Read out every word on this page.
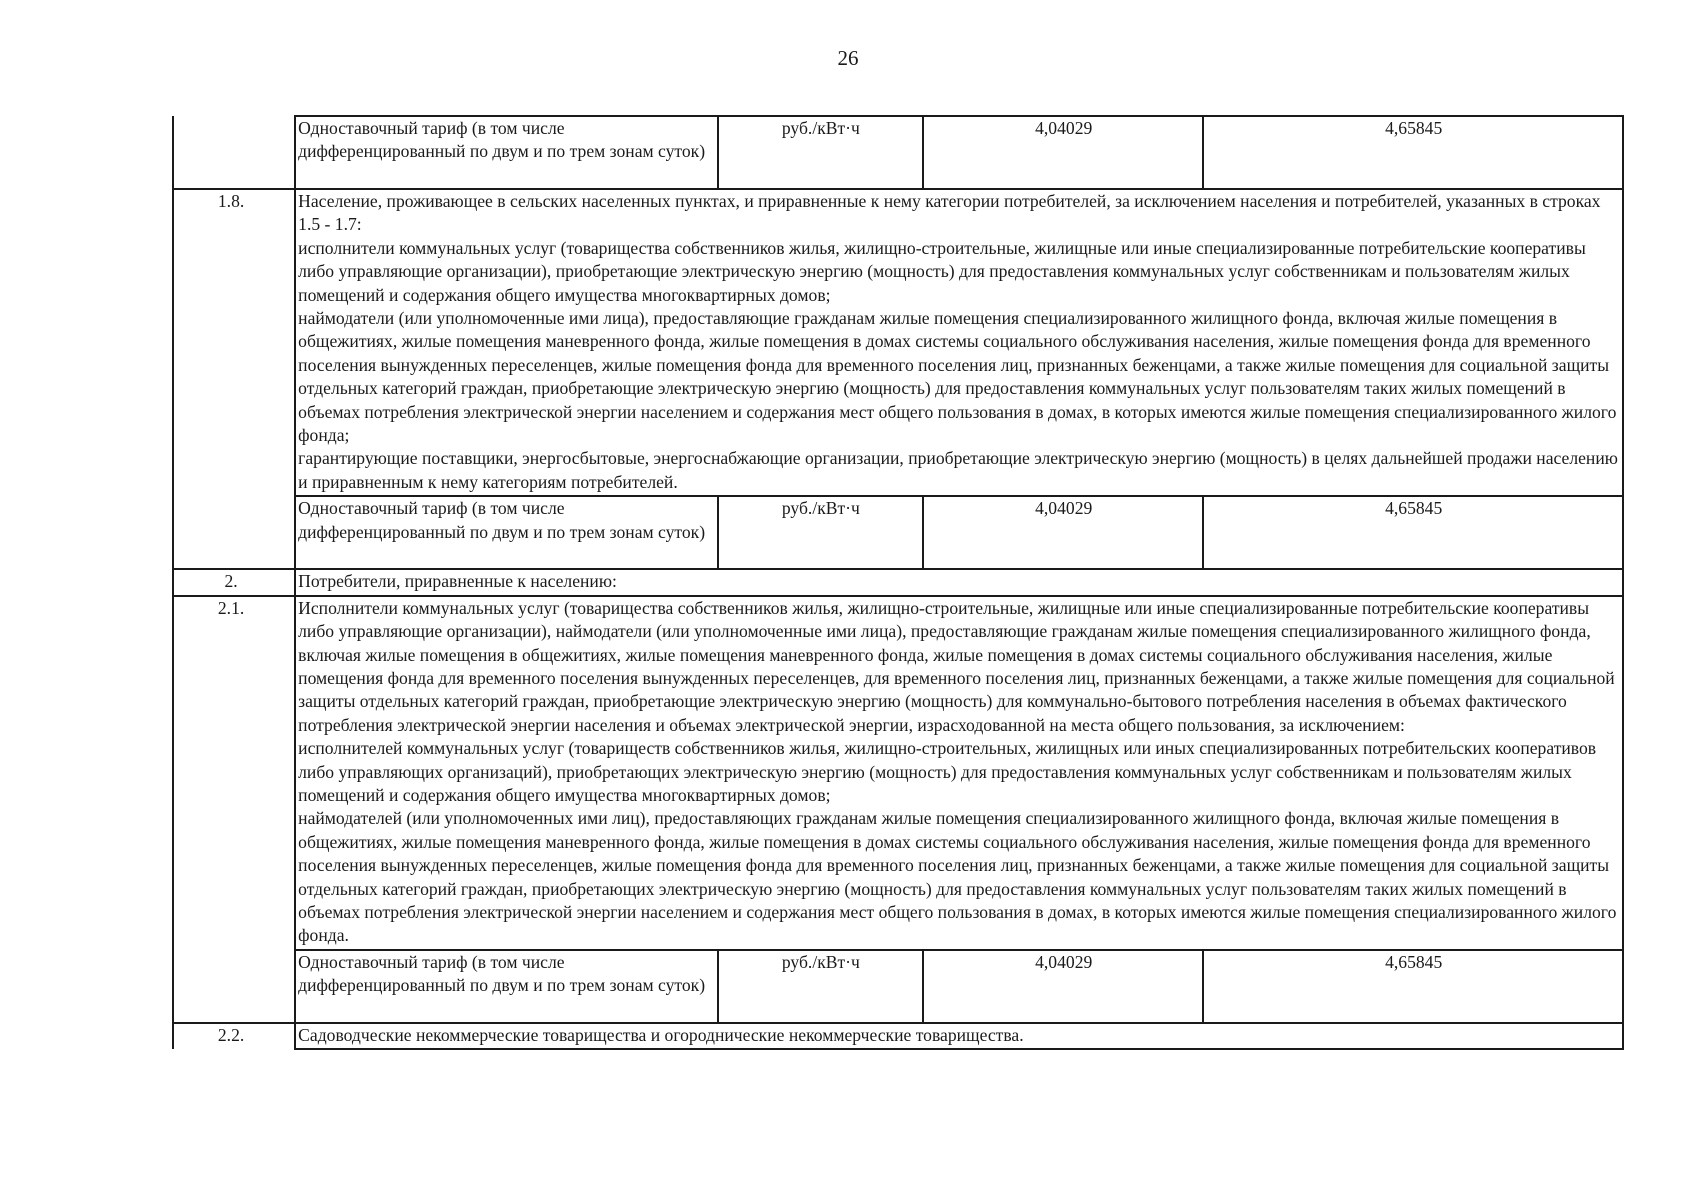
26
	Одноставочный тариф (в том числе дифференцированный по двум и по трем зонам суток)	руб./кВт·ч	4,04029	4,65845
1.8.	Население, проживающее в сельских населенных пунктах, и приравненные к нему категории потребителей, за исключением населения и потребителей, указанных в строках 1.5 - 1.7:
исполнители коммунальных услуг (товарищества собственников жилья, жилищно-строительные, жилищные или иные специализированные потребительские кооперативы либо управляющие организации), приобретающие электрическую энергию (мощность) для предоставления коммунальных услуг собственникам и пользователям жилых помещений и содержания общего имущества многоквартирных домов;
наймодатели (или уполномоченные ими лица), предоставляющие гражданам жилые помещения специализированного жилищного фонда, включая жилые помещения в общежитиях, жилые помещения маневренного фонда, жилые помещения в домах системы социального обслуживания населения, жилые помещения фонда для временного поселения вынужденных переселенцев, жилые помещения фонда для временного поселения лиц, признанных беженцами, а также жилые помещения для социальной защиты отдельных категорий граждан, приобретающие электрическую энергию (мощность) для предоставления коммунальных услуг пользователям таких жилых помещений в объемах потребления электрической энергии населением и содержания мест общего пользования в домах, в которых имеются жилые помещения специализированного жилого фонда;
гарантирующие поставщики, энергосбытовые, энергоснабжающие организации, приобретающие электрическую энергию (мощность) в целях дальнейшей продажи населению и приравненным к нему категориям потребителей.			

	Одноставочный тариф (в том числе дифференцированный по двум и по трем зонам суток)	руб./кВт·ч	4,04029	4,65845
2.	Потребители, приравненные к населению:			
2.1.	Исполнители коммунальных услуг (товарищества собственников жилья, жилищно-строительные, жилищные или иные специализированные потребительские кооперативы либо управляющие организации), наймодатели (или уполномоченные ими лица), предоставляющие гражданам жилые помещения специализированного жилищного фонда, включая жилые помещения в общежитиях, жилые помещения маневренного фонда, жилые помещения в домах системы социального обслуживания населения, жилые помещения фонда для временного поселения вынужденных переселенцев, для временного поселения лиц, признанных беженцами, а также жилые помещения для социальной защиты отдельных категорий граждан, приобретающие электрическую энергию (мощность) для коммунально-бытового потребления населения в объемах фактического потребления электрической энергии населения и объемах электрической энергии, израсходованной на места общего пользования, за исключением:
исполнителей коммунальных услуг (товариществ собственников жилья, жилищно-строительных, жилищных или иных специализированных потребительских кооперативов либо управляющих организаций), приобретающих электрическую энергию (мощность) для предоставления коммунальных услуг собственникам и пользователям жилых помещений и содержания общего имущества многоквартирных домов;
наймодателей (или уполномоченных ими лиц), предоставляющих гражданам жилые помещения специализированного жилищного фонда, включая жилые помещения в общежитиях, жилые помещения маневренного фонда, жилые помещения в домах системы социального обслуживания населения, жилые помещения фонда для временного поселения вынужденных переселенцев, жилые помещения фонда для временного поселения лиц, признанных беженцами, а также жилые помещения для социальной защиты отдельных категорий граждан, приобретающих электрическую энергию (мощность) для предоставления коммунальных услуг пользователям таких жилых помещений в объемах потребления электрической энергии населением и содержания мест общего пользования в домах, в которых имеются жилые помещения специализированного жилого фонда.			

	Одноставочный тариф (в том числе дифференцированный по двум и по трем зонам суток)	руб./кВт·ч	4,04029	4,65845
2.2.	Садоводческие некоммерческие товарищества и огороднические некоммерческие товарищества.			
